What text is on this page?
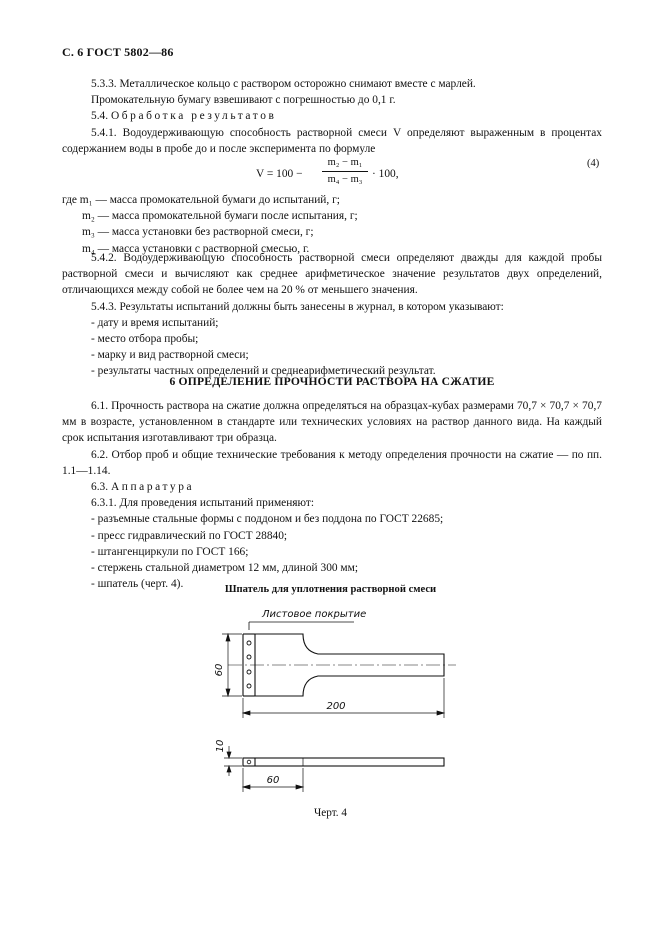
С. 6 ГОСТ 5802—86

5.3.3. Металлическое кольцо с раствором осторожно снимают вместе с марлей.

Промокательную бумагу взвешивают с погрешностью до 0,1 г.

5.4. Обработка результатов

5.4.1. Водоудерживающую способность растворной смеси V определяют выраженным в процентах содержанием воды в пробе до и после эксперимента по формуле

$V = 100 - \frac{\text{m₂ − m₁}}{\text{m₄ − m₃}} \cdot 100$,
(4)

где m₁ — масса промокательной бумаги до испытаний, г;

m₂ — масса промокательной бумаги после испытания, г;

m₃ — масса установки без растворной смеси, г;

m₄ — масса установки с растворной смесью, г.

5.4.2. Водоудерживающую способность растворной смеси определяют дважды для каждой пробы растворной смеси и вычисляют как среднее арифметическое значение результатов двух определений, отличающихся между собой не более чем на 20 % от меньшего значения.

5.4.3. Результаты испытаний должны быть занесены в журнал, в котором указывают:

- дату и время испытаний;

- место отбора пробы;

- марку и вид растворной смеси;

- результаты частных определений и среднеарифметический результат.

6 ОПРЕДЕЛЕНИЕ ПРОЧНОСТИ РАСТВОРА НА СЖАТИЕ

6.1. Прочность раствора на сжатие должна определяться на образцах-кубах размерами 70,7 × 70,7 × 70,7 мм в возрасте, установленном в стандарте или технических условиях на раствор данного вида. На каждый срок испытания изготавливают три образца.

6.2. Отбор проб и общие технические требования к методу определения прочности на сжатие — по пп. 1.1—1.14.

6.3. Аппаратура

6.3.1. Для проведения испытаний применяют:

- разъемные стальные формы с поддоном и без поддона по ГОСТ 22685;

- пресс гидравлический по ГОСТ 28840;

- штангенциркули по ГОСТ 166;

- стержень стальной диаметром 12 мм, длиной 300 мм;

- шпатель (черт. 4).	Шпатель для уплотнения растворной смеси
Листовое покрытие
60
200
10
60
Черт. 4
